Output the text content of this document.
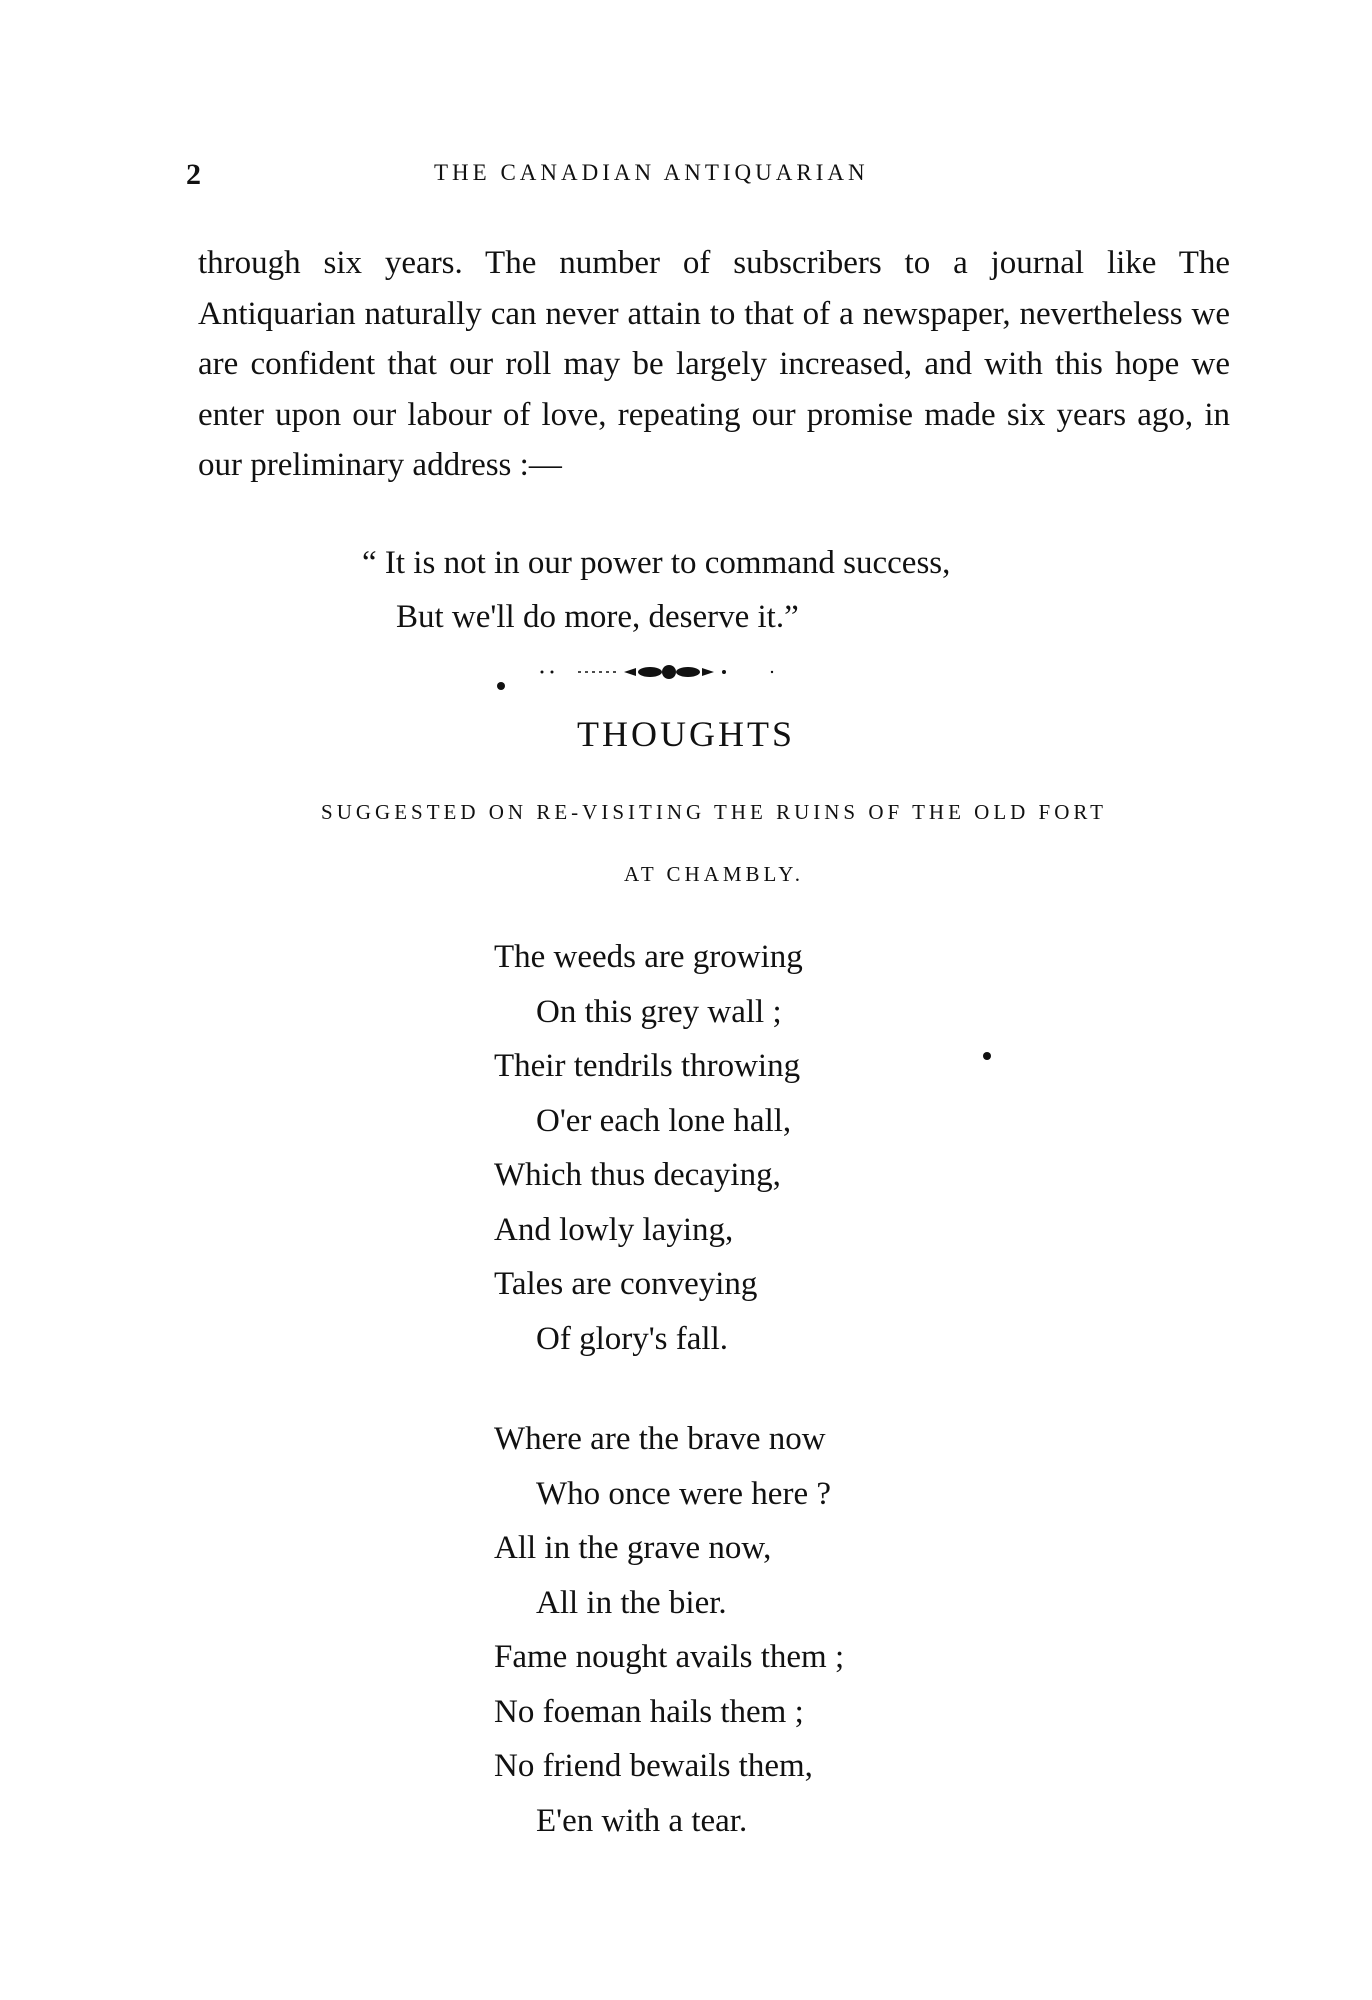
2	THE CANADIAN ANTIQUARIAN

through six years. The number of subscribers to a journal like The Antiquarian naturally can never attain to that of a newspaper, nevertheless we are confident that our roll may be largely increased, and with this hope we enter upon our labour of love, repeating our promise made six years ago, in our preliminary address :—

“ It is not in our power to command success,
But we'll do more, deserve it.”
THOUGHTS
SUGGESTED ON RE-VISITING THE RUINS OF THE OLD FORT
AT CHAMBLY.
The weeds are growing
On this grey wall ;
Their tendrils throwing
O'er each lone hall,
Which thus decaying,
And lowly laying,
Tales are conveying
Of glory's fall.
Where are the brave now
Who once were here ?
All in the grave now,
All in the bier.
Fame nought avails them ;
No foeman hails them ;
No friend bewails them,
E'en with a tear.
